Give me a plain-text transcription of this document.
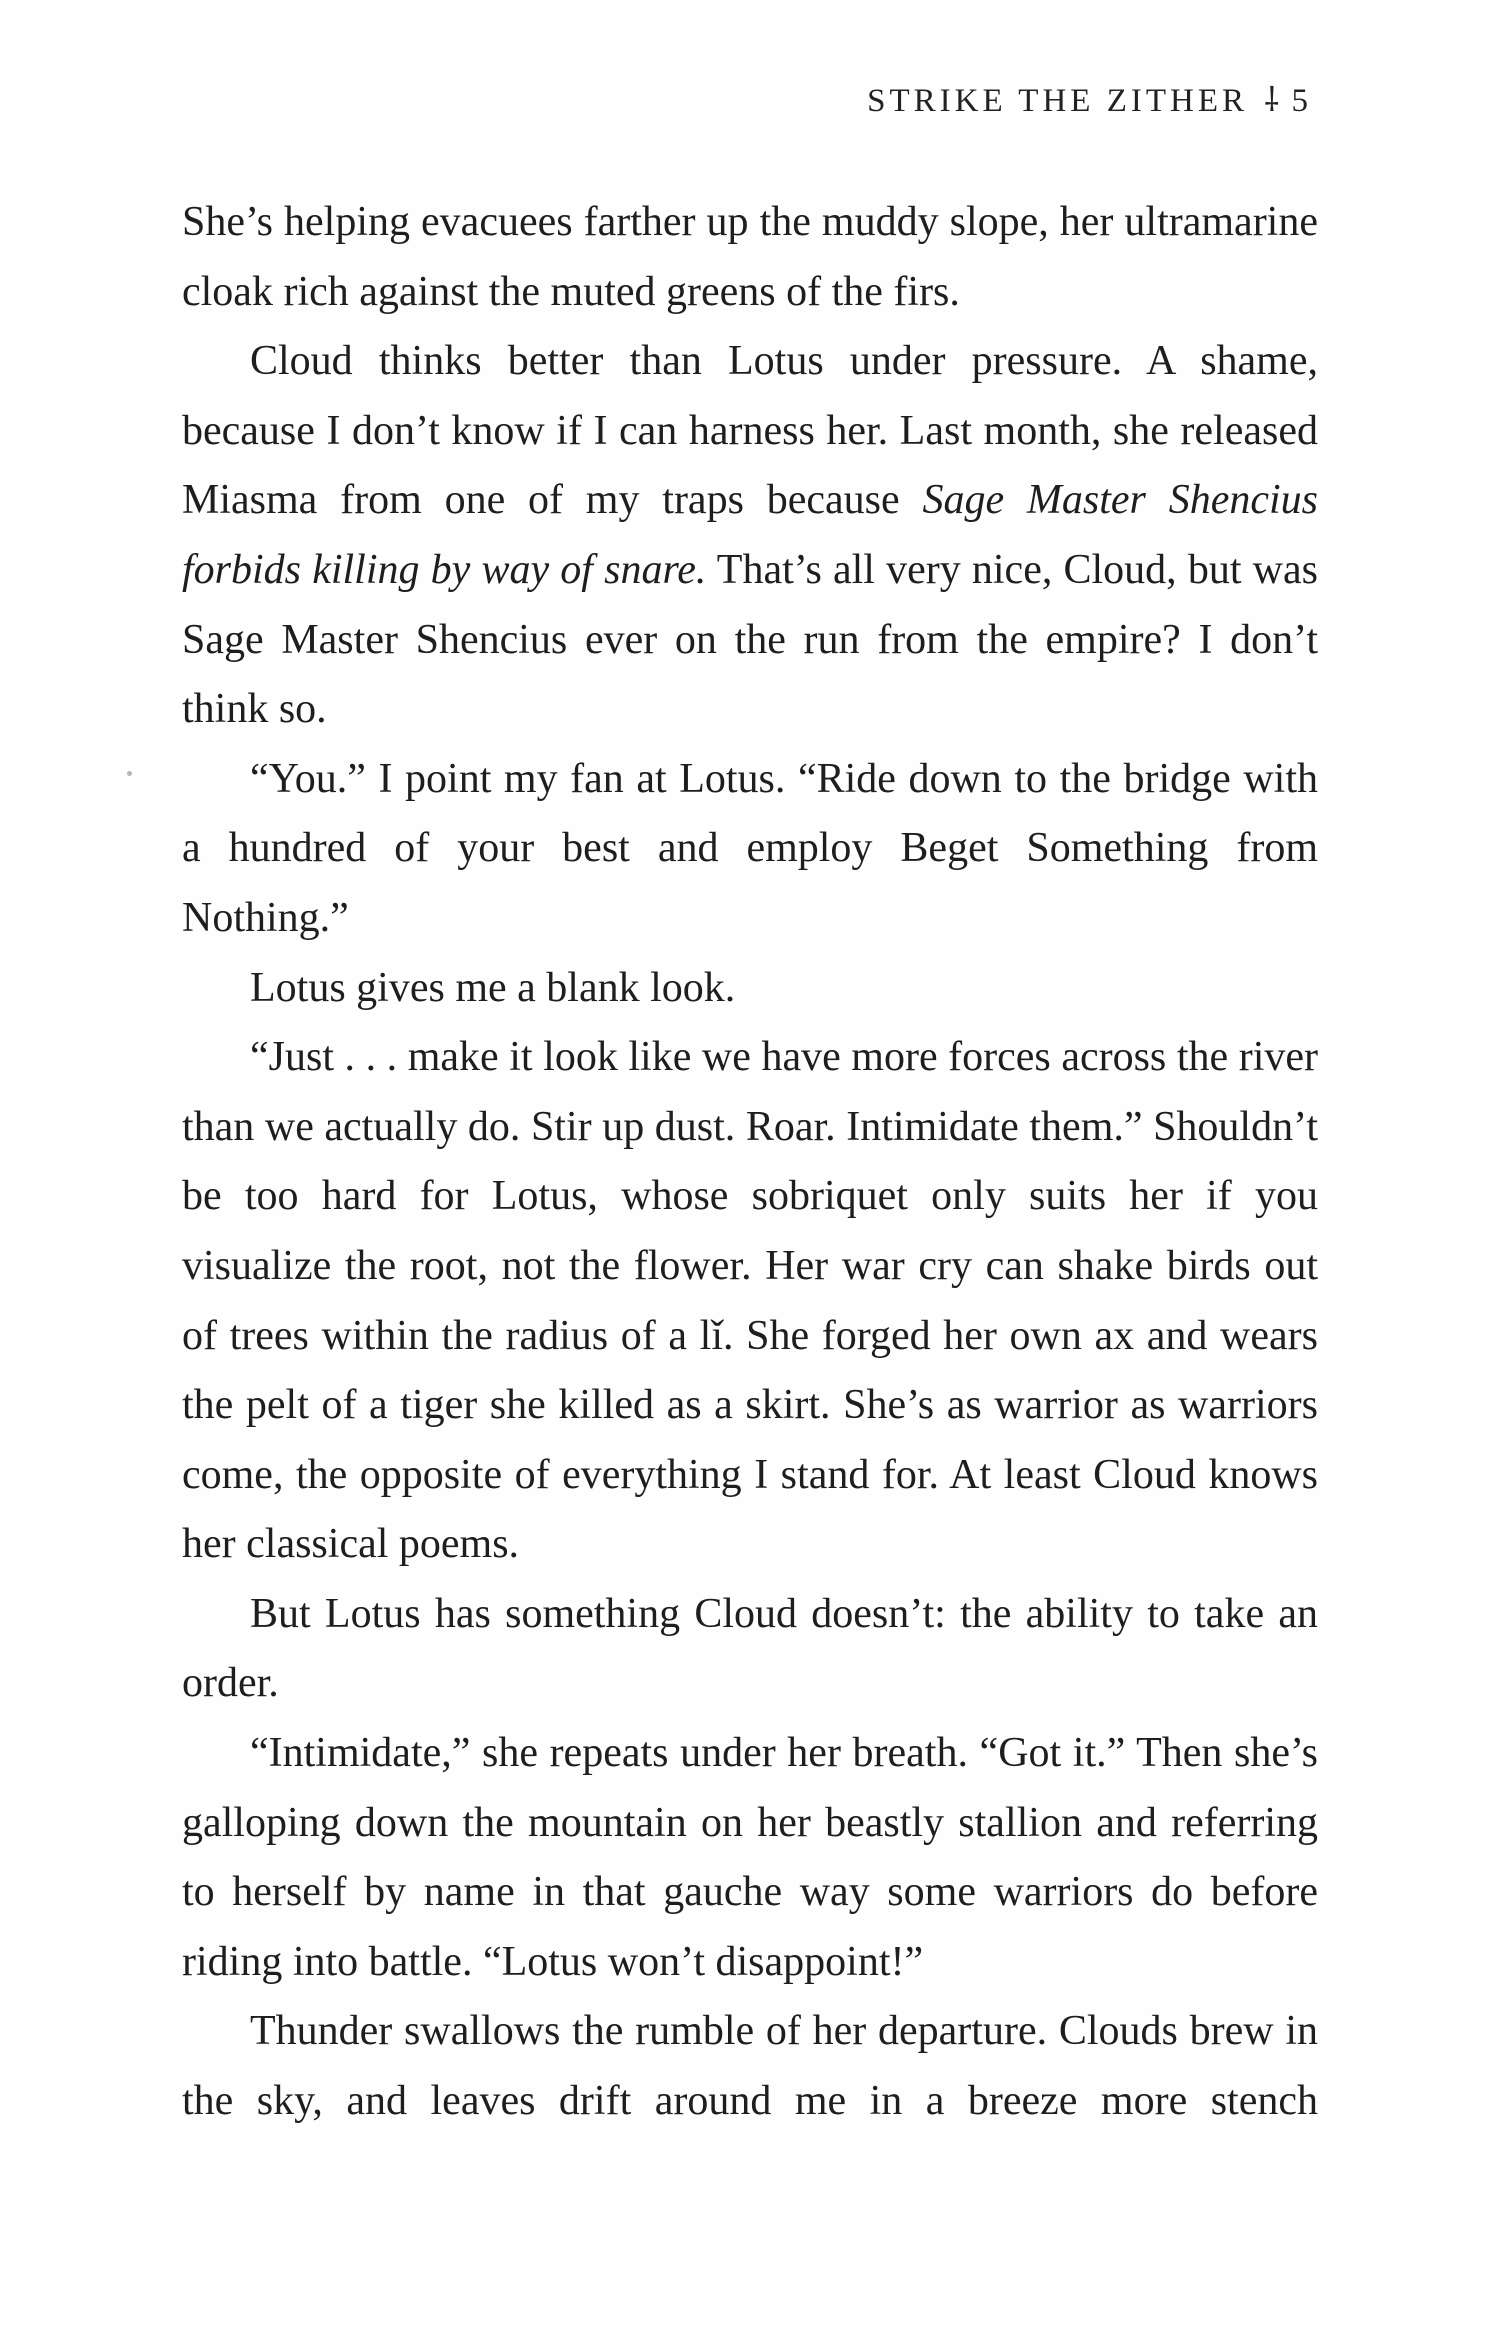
STRIKE THE ZITHER ⸸ 5

She’s helping evacuees farther up the muddy slope, her ultramarine cloak rich against the muted greens of the firs.

Cloud thinks better than Lotus under pressure. A shame, because I don’t know if I can harness her. Last month, she released Miasma from one of my traps because Sage Master Shencius forbids killing by way of snare. That’s all very nice, Cloud, but was Sage Master Shencius ever on the run from the empire? I don’t think so.

“You.” I point my fan at Lotus. “Ride down to the bridge with a hundred of your best and employ Beget Something from Nothing.”

Lotus gives me a blank look.

“Just . . . make it look like we have more forces across the river than we actually do. Stir up dust. Roar. Intimidate them.” Shouldn’t be too hard for Lotus, whose sobriquet only suits her if you visualize the root, not the flower. Her war cry can shake birds out of trees within the radius of a lǐ. She forged her own ax and wears the pelt of a tiger she killed as a skirt. She’s as warrior as warriors come, the opposite of everything I stand for. At least Cloud knows her classical poems.

But Lotus has something Cloud doesn’t: the ability to take an order.

“Intimidate,” she repeats under her breath. “Got it.” Then she’s galloping down the mountain on her beastly stallion and referring to herself by name in that gauche way some warriors do before riding into battle. “Lotus won’t disappoint!”

Thunder swallows the rumble of her departure. Clouds brew in the sky, and leaves drift around me in a breeze more stench
